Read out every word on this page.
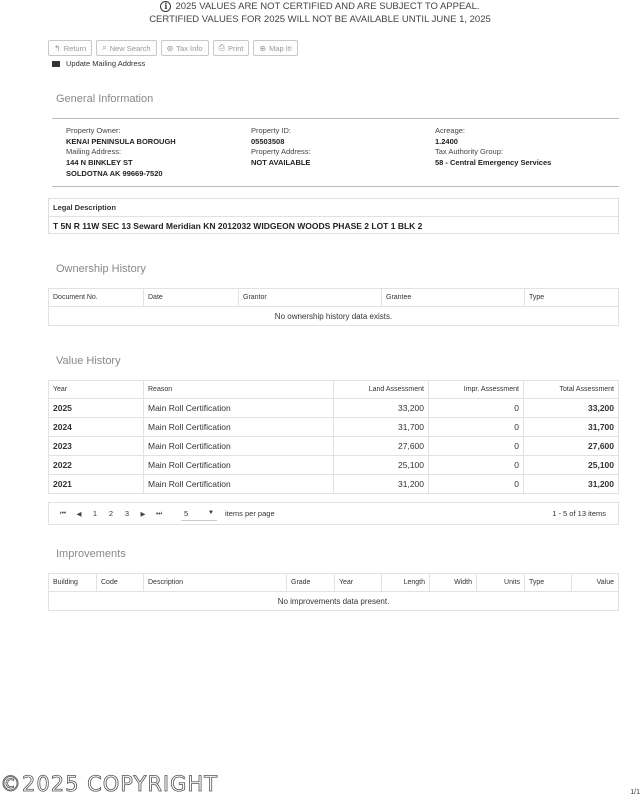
i 2025 VALUES ARE NOT CERTIFIED AND ARE SUBJECT TO APPEAL.
CERTIFIED VALUES FOR 2025 WILL NOT BE AVAILABLE UNTIL JUNE 1, 2025
↰ Return ⌕ New Search ⊛ Tax Info ⎙ Print ⊕ Map It!
Update Mailing Address
General Information
Property Owner:
KENAI PENINSULA BOROUGH
Mailing Address:
144 N BINKLEY ST
SOLDOTNA AK 99669-7520
Property ID:
05503508
Property Address:
NOT AVAILABLE
Acreage:
1.2400
Tax Authority Group:
58 - Central Emergency Services
Legal Description
T 5N R 11W SEC 13 Seward Meridian KN 2012032 WIDGEON WOODS PHASE 2 LOT 1 BLK 2
Ownership History
Document No.	Date	Grantor	Grantee	Type
No ownership history data exists.
Value History
Year	Reason	Land Assessment	Impr. Assessment	Total Assessment
2025	Main Roll Certification	33,200	0	33,200
2024	Main Roll Certification	31,700	0	31,700
2023	Main Roll Certification	27,600	0	27,600
2022	Main Roll Certification	25,100	0	25,100
2021	Main Roll Certification	31,200	0	31,200
⏮	◀	1	2	3	▶	⏭	5	▼ items per page	1 - 5 of 13 items
Improvements
Building	Code	Description	Grade	Year	Length	Width	Units	Type	Value
No improvements data present.
©2025 COPYRIGHT	1/1
